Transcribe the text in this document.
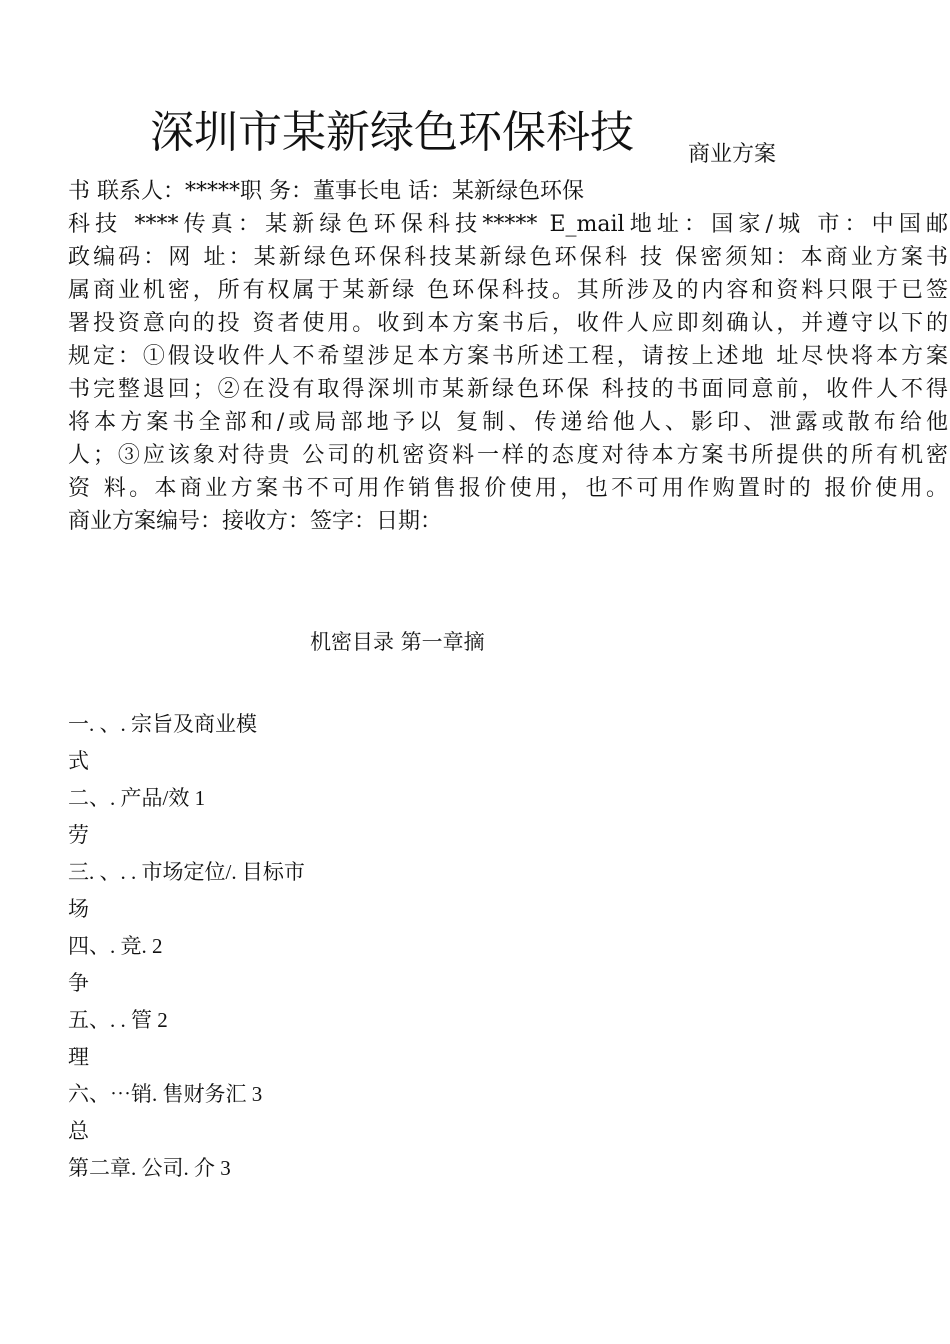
深圳市某新绿色环保科技 商业方案
书 联系人：*****职 务：董事长电 话：某新绿色环保
科技 ****传真：某新绿色环保科技***** E_mail地址：国家/城 市：中国邮
政编码：网 址：某新绿色环保科技某新绿色环保科 技 保密须知：本商业方案书
属商业机密，所有权属于某新绿 色环保科技。其所涉及的内容和资料只限于已签
署投资意向的投 资者使用。收到本方案书后，收件人应即刻确认，并遵守以下的
规定：①假设收件人不希望涉足本方案书所述工程，请按上述地 址尽快将本方案
书完整退回；②在没有取得深圳市某新绿色环保 科技的书面同意前，收件人不得
将本方案书全部和/或局部地予以 复制、传递给他人、影印、泄露或散布给他
人；③应该象对待贵 公司的机密资料一样的态度对待本方案书所提供的所有机密
资 料。本商业方案书不可用作销售报价使用，也不可用作购置时的 报价使用。
商业方案编号：接收方：签字：日期：
机密目录 第一章摘
一. 、. 宗旨及商业模
式
二、. 产品/效 1
劳
三. 、. . 市场定位/. 目标市
场
四、. 竞. 2
争
五、. . 管 2
理
六、⋯销. 售财务汇 3
总
第二章. 公司. 介 3
